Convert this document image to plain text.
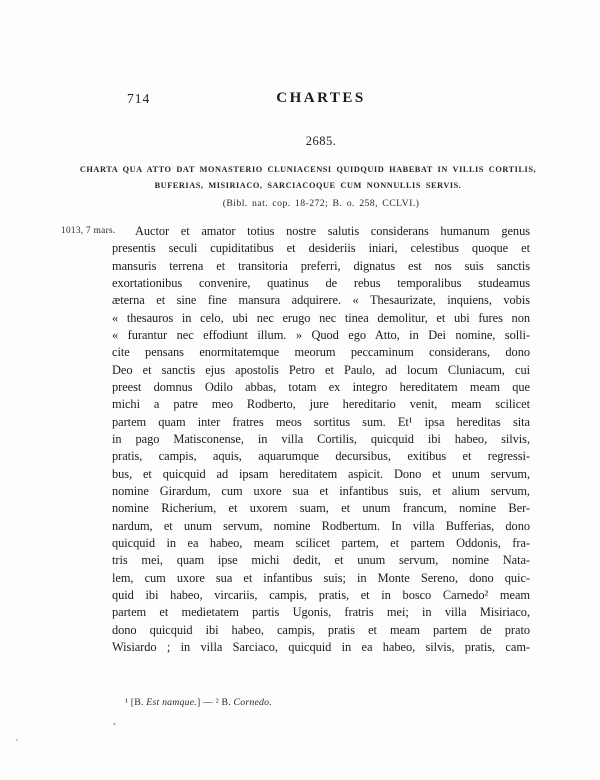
714	CHARTES
2685.
CHARTA QUA ATTO DAT MONASTERIO CLUNIACENSI QUIDQUID HABEBAT IN VILLIS CORTILIS,
BUFERIAS, MISIRIACO, SARCIACOQUE CUM NONNULLIS SERVIS.
(Bibl. nat. cop. 18-272; B. o. 258, CCLVI.)
1013, 7 mars.	Auctor et amator totius nostre salutis considerans humanum genus
presentis seculi cupiditatibus et desideriis iniari, celestibus quoque et
mansuris terrena et transitoria preferri, dignatus est nos suis sanctis
exortationibus convenire, quatinus de rebus temporalibus studeamus
æterna et sine fine mansura adquirere. « Thesaurizate, inquiens, vobis
« thesauros in celo, ubi nec erugo nec tinea demolitur, et ubi fures non
« furantur nec effodiunt illum. » Quod ego Atto, in Dei nomine, solli-
cite pensans enormitatemque meorum peccaminum considerans, dono
Deo et sanctis ejus apostolis Petro et Paulo, ad locum Cluniacum, cui
preest domnus Odilo abbas, totam ex integro hereditatem meam que
michi a patre meo Rodberto, jure hereditario venit, meam scilicet
partem quam inter fratres meos sortitus sum. Et¹ ipsa hereditas sita
in pago Matisconense, in villa Cortilis, quicquid ibi habeo, silvis,
pratis, campis, aquis, aquarumque decursibus, exitibus et regressi-
bus, et quicquid ad ipsam hereditatem aspicit. Dono et unum servum,
nomine Girardum, cum uxore sua et infantibus suis, et alium servum,
nomine Richerium, et uxorem suam, et unum francum, nomine Ber-
nardum, et unum servum, nomine Rodbertum. In villa Bufferias, dono
quicquid in ea habeo, meam scilicet partem, et partem Oddonis, fra-
tris mei, quam ipse michi dedit, et unum servum, nomine Nata-
lem, cum uxore sua et infantibus suis; in Monte Sereno, dono quic-
quid ibi habeo, vircariis, campis, pratis, et in bosco Carnedo² meam
partem et medietatem partis Ugonis, fratris mei; in villa Misiriaco,
dono quicquid ibi habeo, campis, pratis et meam partem de prato
Wisiardo ; in villa Sarciaco, quicquid in ea habeo, silvis, pratis, cam-
¹ [B. Est namque.] — ² B. Cornedo.
